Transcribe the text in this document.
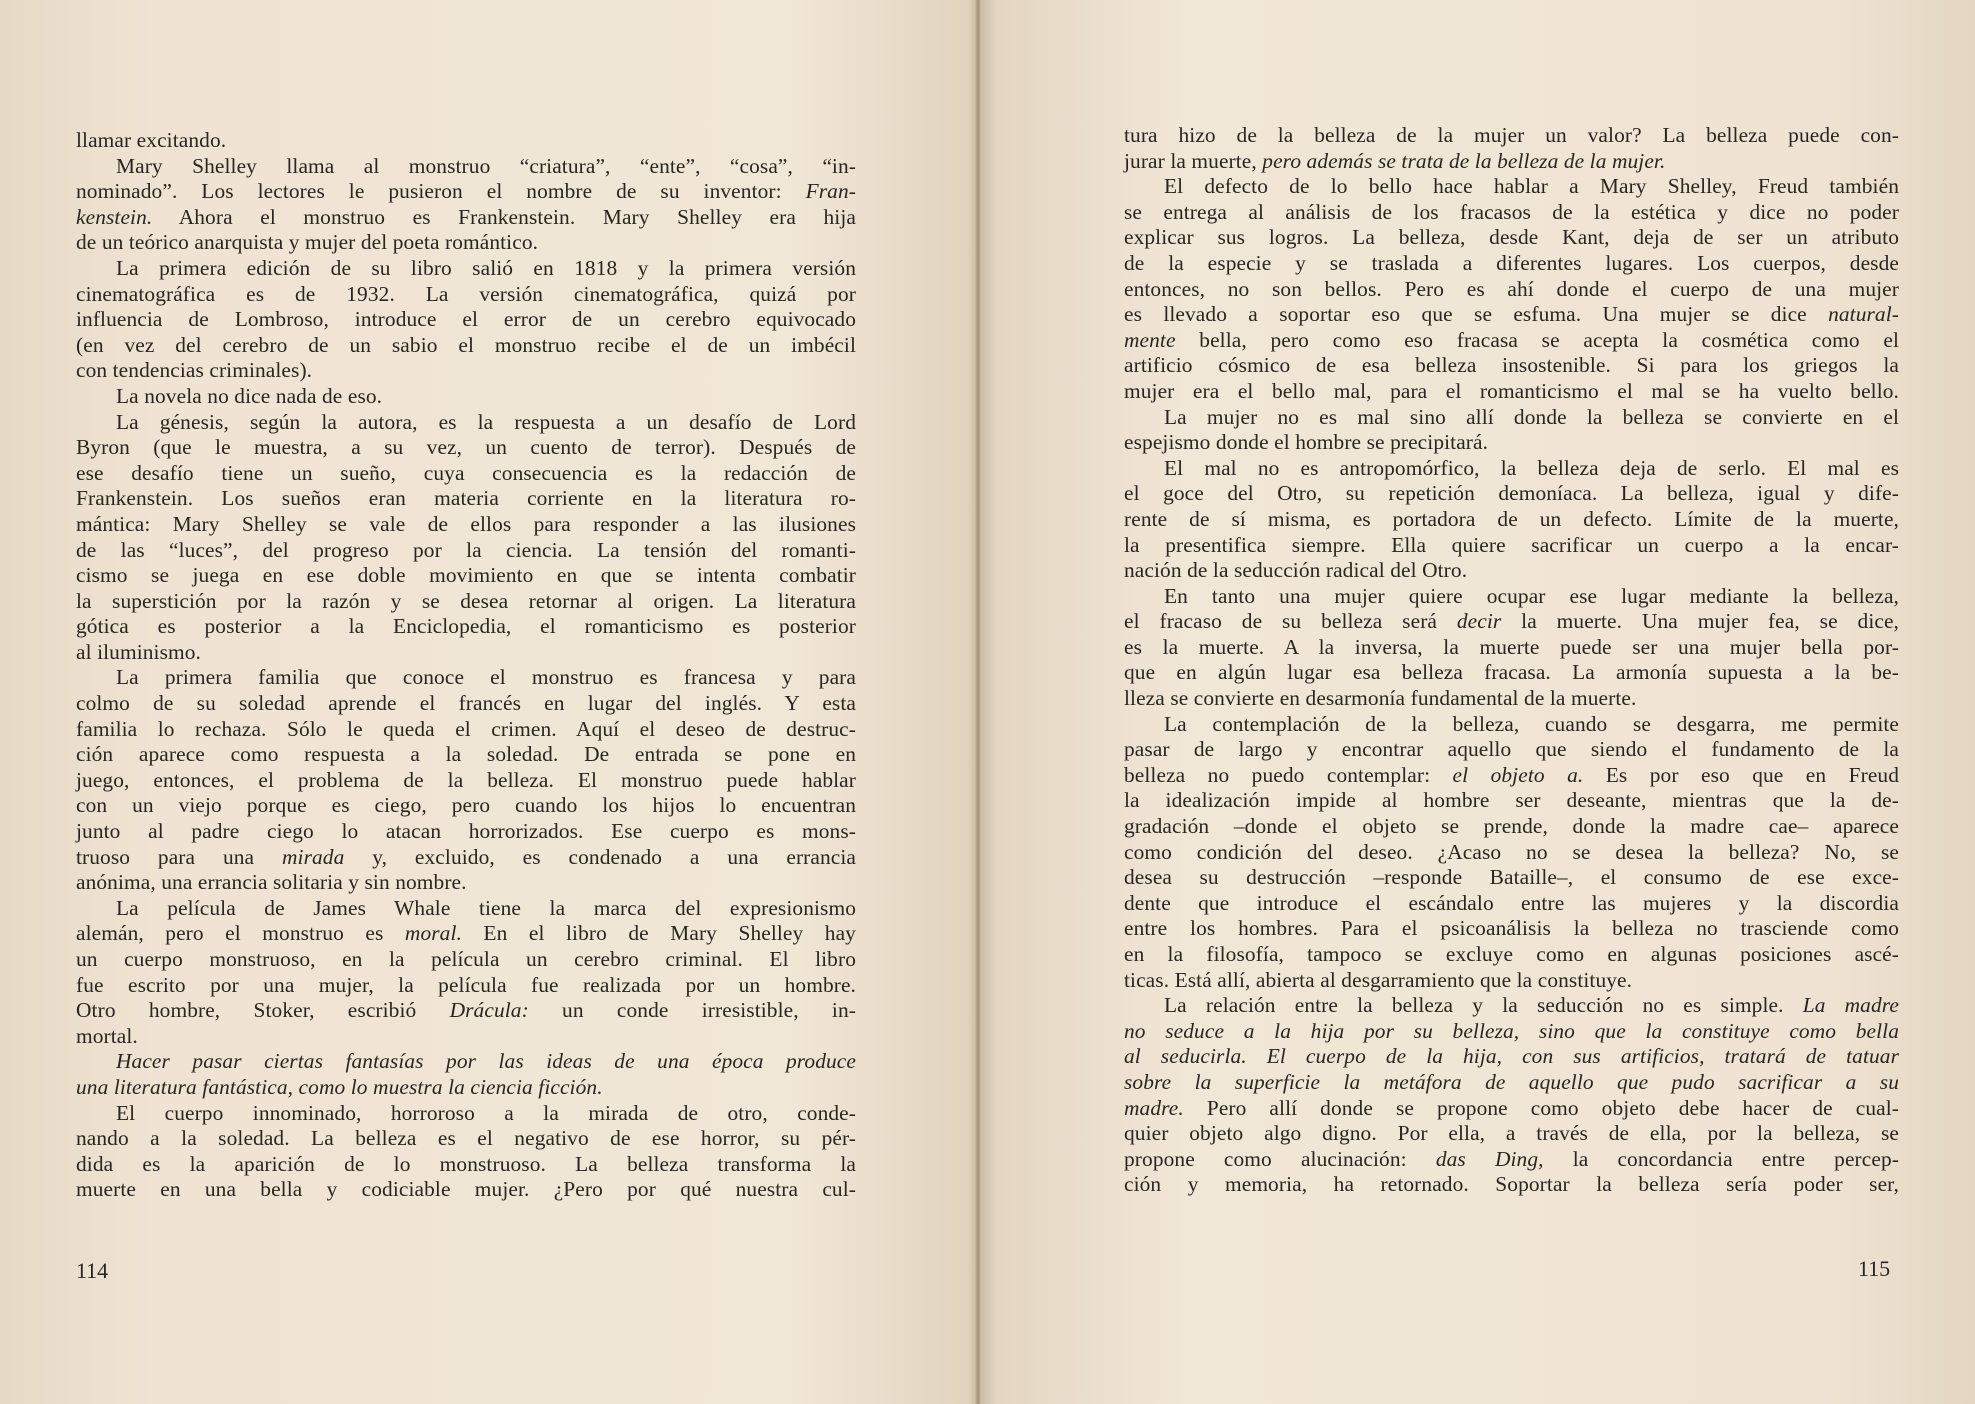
llamar excitando.
Mary Shelley llama al monstruo “criatura”, “ente”, “cosa”, “in-
nominado”. Los lectores le pusieron el nombre de su inventor: Fran-
kenstein. Ahora el monstruo es Frankenstein. Mary Shelley era hija
de un teórico anarquista y mujer del poeta romántico.
La primera edición de su libro salió en 1818 y la primera versión
cinematográfica es de 1932. La versión cinematográfica, quizá por
influencia de Lombroso, introduce el error de un cerebro equivocado
(en vez del cerebro de un sabio el monstruo recibe el de un imbécil
con tendencias criminales).
La novela no dice nada de eso.
La génesis, según la autora, es la respuesta a un desafío de Lord
Byron (que le muestra, a su vez, un cuento de terror). Después de
ese desafío tiene un sueño, cuya consecuencia es la redacción de
Frankenstein. Los sueños eran materia corriente en la literatura ro-
mántica: Mary Shelley se vale de ellos para responder a las ilusiones
de las “luces”, del progreso por la ciencia. La tensión del romanti-
cismo se juega en ese doble movimiento en que se intenta combatir
la superstición por la razón y se desea retornar al origen. La literatura
gótica es posterior a la Enciclopedia, el romanticismo es posterior
al iluminismo.
La primera familia que conoce el monstruo es francesa y para
colmo de su soledad aprende el francés en lugar del inglés. Y esta
familia lo rechaza. Sólo le queda el crimen. Aquí el deseo de destruc-
ción aparece como respuesta a la soledad. De entrada se pone en
juego, entonces, el problema de la belleza. El monstruo puede hablar
con un viejo porque es ciego, pero cuando los hijos lo encuentran
junto al padre ciego lo atacan horrorizados. Ese cuerpo es mons-
truoso para una mirada y, excluido, es condenado a una errancia
anónima, una errancia solitaria y sin nombre.
La película de James Whale tiene la marca del expresionismo
alemán, pero el monstruo es moral. En el libro de Mary Shelley hay
un cuerpo monstruoso, en la película un cerebro criminal. El libro
fue escrito por una mujer, la película fue realizada por un hombre.
Otro hombre, Stoker, escribió Drácula: un conde irresistible, in-
mortal.
Hacer pasar ciertas fantasías por las ideas de una época produce
una literatura fantástica, como lo muestra la ciencia ficción.
El cuerpo innominado, horroroso a la mirada de otro, conde-
nando a la soledad. La belleza es el negativo de ese horror, su pér-
dida es la aparición de lo monstruoso. La belleza transforma la
muerte en una bella y codiciable mujer. ¿Pero por qué nuestra cul-
114
tura hizo de la belleza de la mujer un valor? La belleza puede con-
jurar la muerte, pero además se trata de la belleza de la mujer.
El defecto de lo bello hace hablar a Mary Shelley, Freud también
se entrega al análisis de los fracasos de la estética y dice no poder
explicar sus logros. La belleza, desde Kant, deja de ser un atributo
de la especie y se traslada a diferentes lugares. Los cuerpos, desde
entonces, no son bellos. Pero es ahí donde el cuerpo de una mujer
es llevado a soportar eso que se esfuma. Una mujer se dice natural-
mente bella, pero como eso fracasa se acepta la cosmética como el
artificio cósmico de esa belleza insostenible. Si para los griegos la
mujer era el bello mal, para el romanticismo el mal se ha vuelto bello.
La mujer no es mal sino allí donde la belleza se convierte en el
espejismo donde el hombre se precipitará.
El mal no es antropomórfico, la belleza deja de serlo. El mal es
el goce del Otro, su repetición demoníaca. La belleza, igual y dife-
rente de sí misma, es portadora de un defecto. Límite de la muerte,
la presentifica siempre. Ella quiere sacrificar un cuerpo a la encar-
nación de la seducción radical del Otro.
En tanto una mujer quiere ocupar ese lugar mediante la belleza,
el fracaso de su belleza será decir la muerte. Una mujer fea, se dice,
es la muerte. A la inversa, la muerte puede ser una mujer bella por-
que en algún lugar esa belleza fracasa. La armonía supuesta a la be-
lleza se convierte en desarmonía fundamental de la muerte.
La contemplación de la belleza, cuando se desgarra, me permite
pasar de largo y encontrar aquello que siendo el fundamento de la
belleza no puedo contemplar: el objeto a. Es por eso que en Freud
la idealización impide al hombre ser deseante, mientras que la de-
gradación –donde el objeto se prende, donde la madre cae– aparece
como condición del deseo. ¿Acaso no se desea la belleza? No, se
desea su destrucción –responde Bataille–, el consumo de ese exce-
dente que introduce el escándalo entre las mujeres y la discordia
entre los hombres. Para el psicoanálisis la belleza no trasciende como
en la filosofía, tampoco se excluye como en algunas posiciones ascé-
ticas. Está allí, abierta al desgarramiento que la constituye.
La relación entre la belleza y la seducción no es simple. La madre
no seduce a la hija por su belleza, sino que la constituye como bella
al seducirla. El cuerpo de la hija, con sus artificios, tratará de tatuar
sobre la superficie la metáfora de aquello que pudo sacrificar a su
madre. Pero allí donde se propone como objeto debe hacer de cual-
quier objeto algo digno. Por ella, a través de ella, por la belleza, se
propone como alucinación: das Ding, la concordancia entre percep-
ción y memoria, ha retornado. Soportar la belleza sería poder ser,
115
